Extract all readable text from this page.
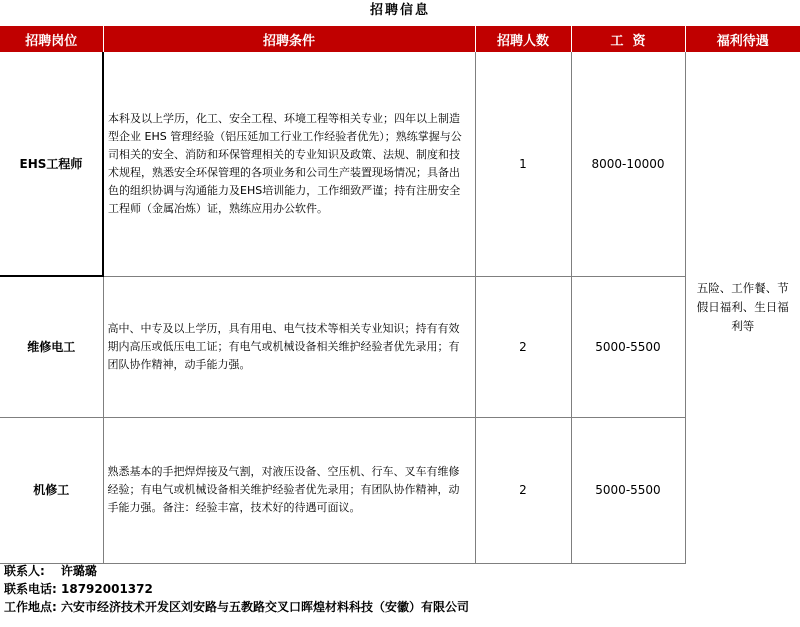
招聘信息
招聘岗位	招聘条件	招聘人数	工  资	福利待遇
EHS工程师	本科及以上学历，化工、安全工程、环境工程等相关专业；四年以上制造型企业 EHS 管理经验（铝压延加工行业工作经验者优先）；熟练掌握与公司相关的安全、消防和环保管理相关的专业知识及政策、法规、制度和技术规程，熟悉安全环保管理的各项业务和公司生产装置现场情况；具备出色的组织协调与沟通能力及EHS培训能力，工作细致严谨；持有注册安全工程师（金属冶炼）证，熟练应用办公软件。	1	8000-10000	五险、工作餐、节假日福利、生日福利等
维修电工	高中、中专及以上学历，具有用电、电气技术等相关专业知识；持有有效期内高压或低压电工证；有电气或机械设备相关维护经验者优先录用；有团队协作精神，动手能力强。	2	5000-5500	
机修工	熟悉基本的手把焊焊接及气割，对液压设备、空压机、行车、叉车有维修经验；有电气或机械设备相关维护经验者优先录用；有团队协作精神，动手能力强。备注：经验丰富，技术好的待遇可面议。	2	5000-5500	
联系人: 许璐璐
联系电话: 18792001372
工作地点: 六安市经济技术开发区刘安路与五教路交叉口晖煌材料科技（安徽）有限公司
